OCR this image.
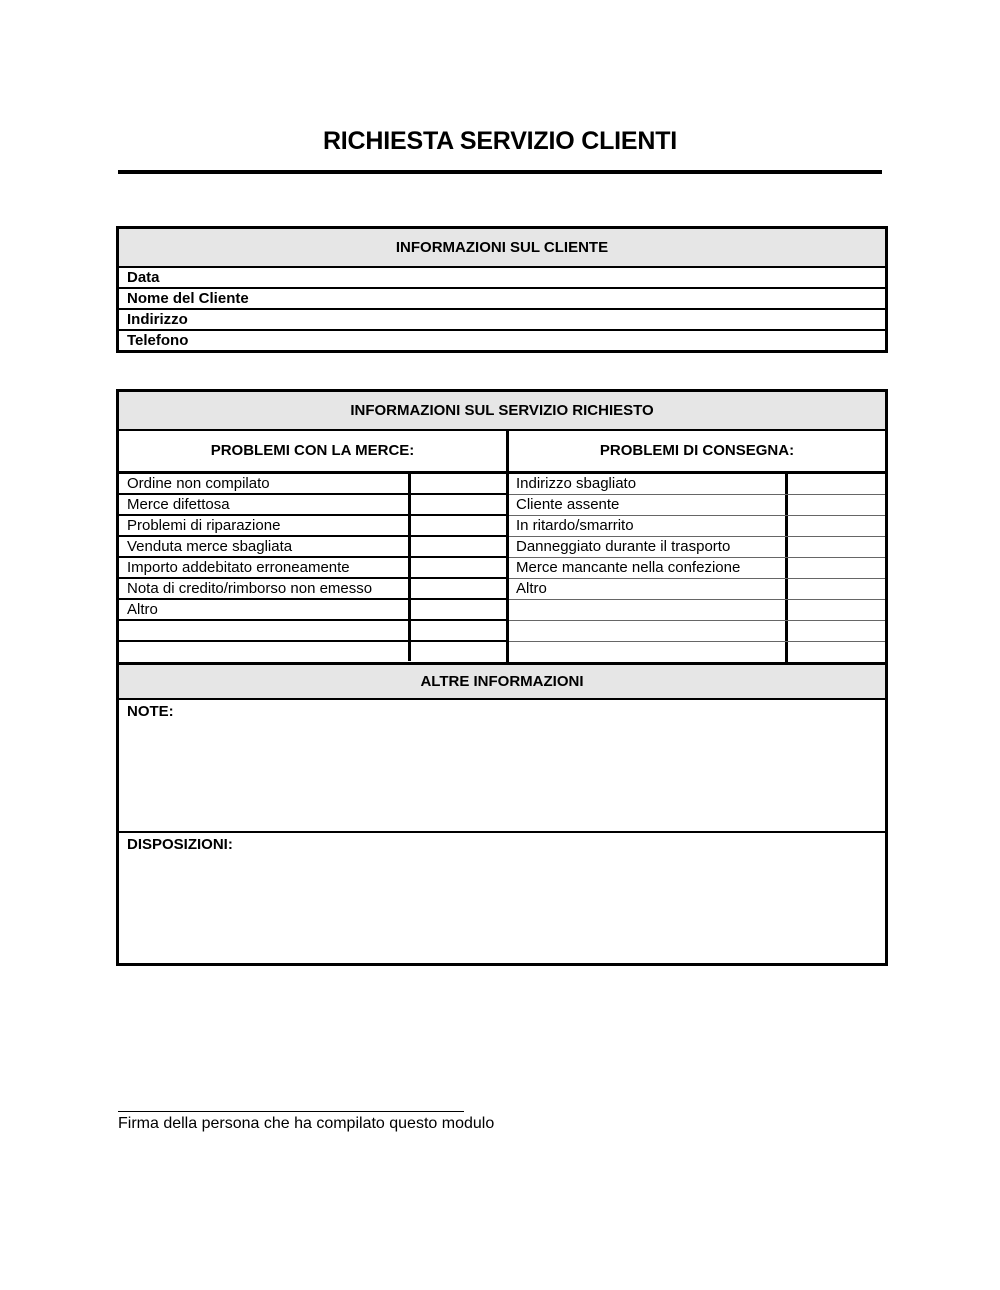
RICHIESTA SERVIZIO CLIENTI
INFORMAZIONI SUL CLIENTE
Data
Nome del Cliente
Indirizzo
Telefono
INFORMAZIONI SUL SERVIZIO RICHIESTO
PROBLEMI CON LA MERCE:
Ordine non compilato
Merce difettosa
Problemi di riparazione
Venduta merce sbagliata
Importo addebitato erroneamente
Nota di credito/rimborso non emesso
Altro
PROBLEMI DI CONSEGNA:
Indirizzo sbagliato
Cliente assente
In ritardo/smarrito
Danneggiato durante il trasporto
Merce mancante nella confezione
Altro
ALTRE INFORMAZIONI
NOTE:
DISPOSIZIONI:
Firma della persona che ha compilato questo modulo
